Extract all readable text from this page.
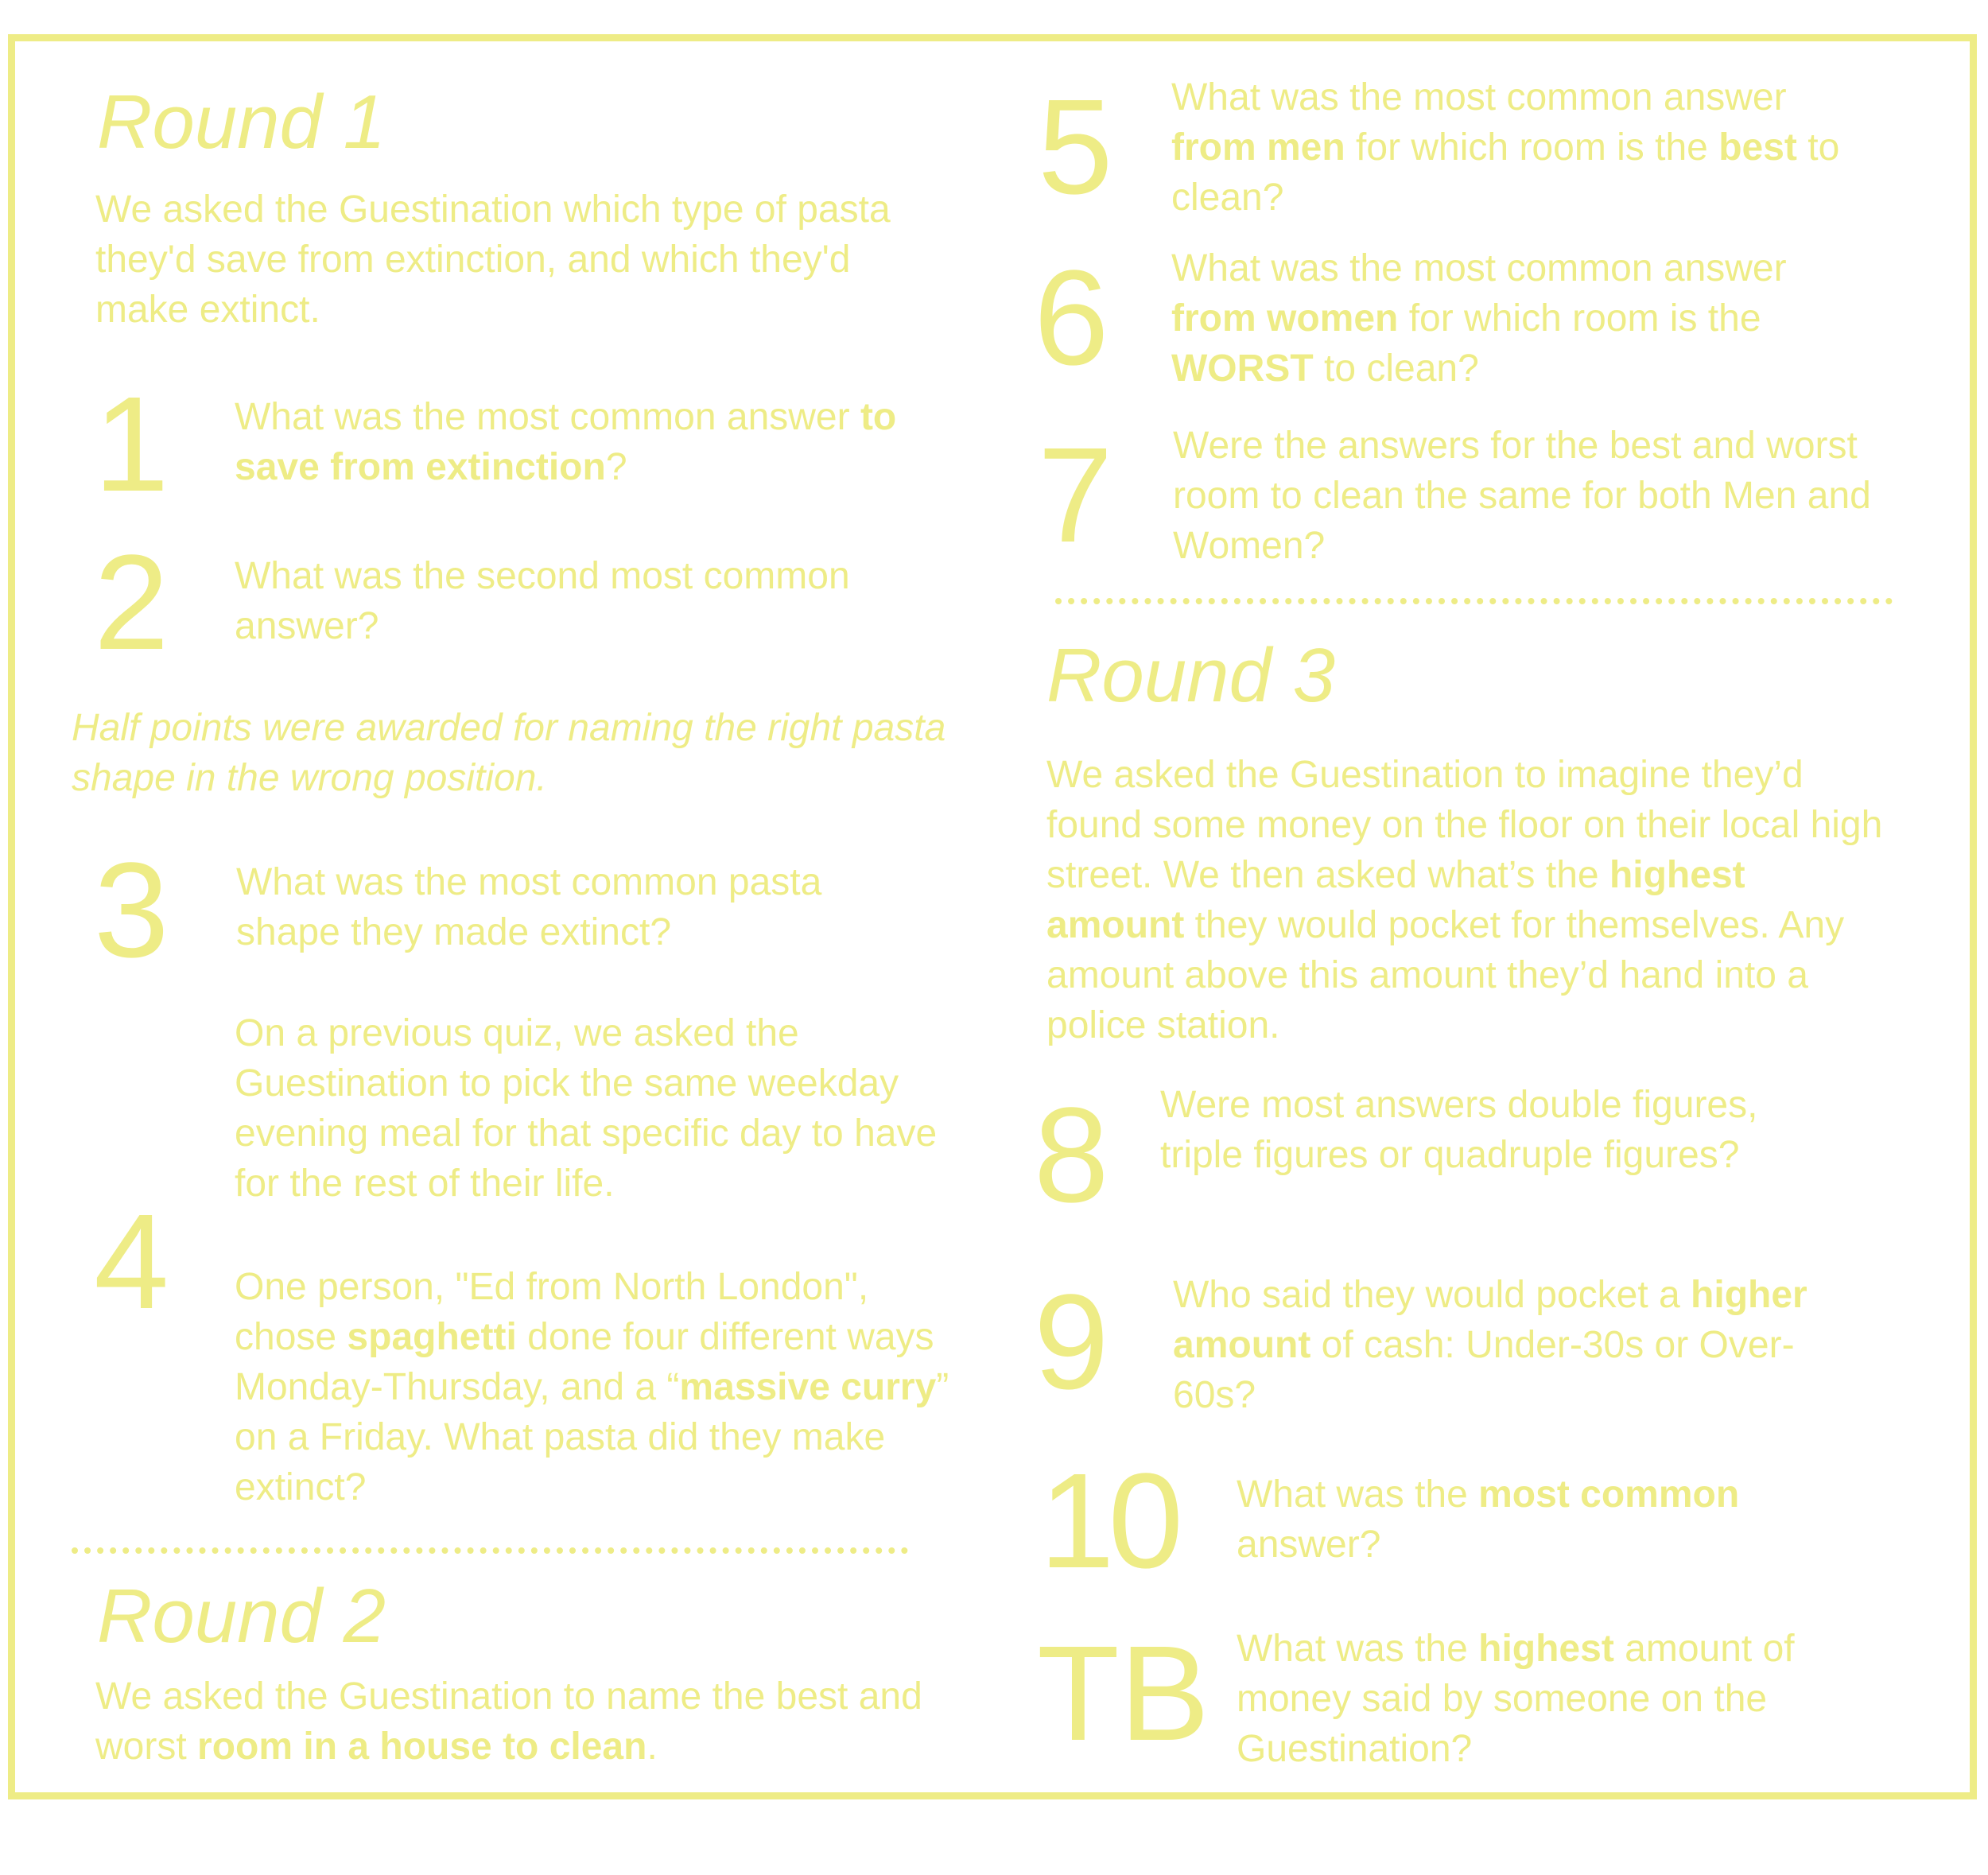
Round 1
We asked the Guestination which type of pasta they'd save from extinction, and which they'd make extinct.
1 What was the most common answer to save from extinction?
2 What was the second most common answer?
Half points were awarded for naming the right pasta shape in the wrong position.
3 What was the most common pasta shape they made extinct?
4
On a previous quiz, we asked the Guestination to pick the same weekday evening meal for that specific day to have for the rest of their life.
One person, "Ed from North London", chose spaghetti done four different ways Monday-Thursday, and a “massive curry” on a Friday. What pasta did they make extinct?
Round 2
We asked the Guestination to name the best and worst room in a house to clean.
5 What was the most common answer from men for which room is the best to clean?
6 What was the most common answer from women for which room is the WORST to clean?
7 Were the answers for the best and worst room to clean the same for both Men and Women?
Round 3
We asked the Guestination to imagine they’d found some money on the floor on their local high street. We then asked what’s the highest amount they would pocket for themselves. Any amount above this amount they’d hand into a police station.
8 Were most answers double figures, triple figures or quadruple figures?
9 Who said they would pocket a higher amount of cash: Under-30s or Over-60s?
10 What was the most common answer?
TB What was the highest amount of money said by someone on the Guestination?
